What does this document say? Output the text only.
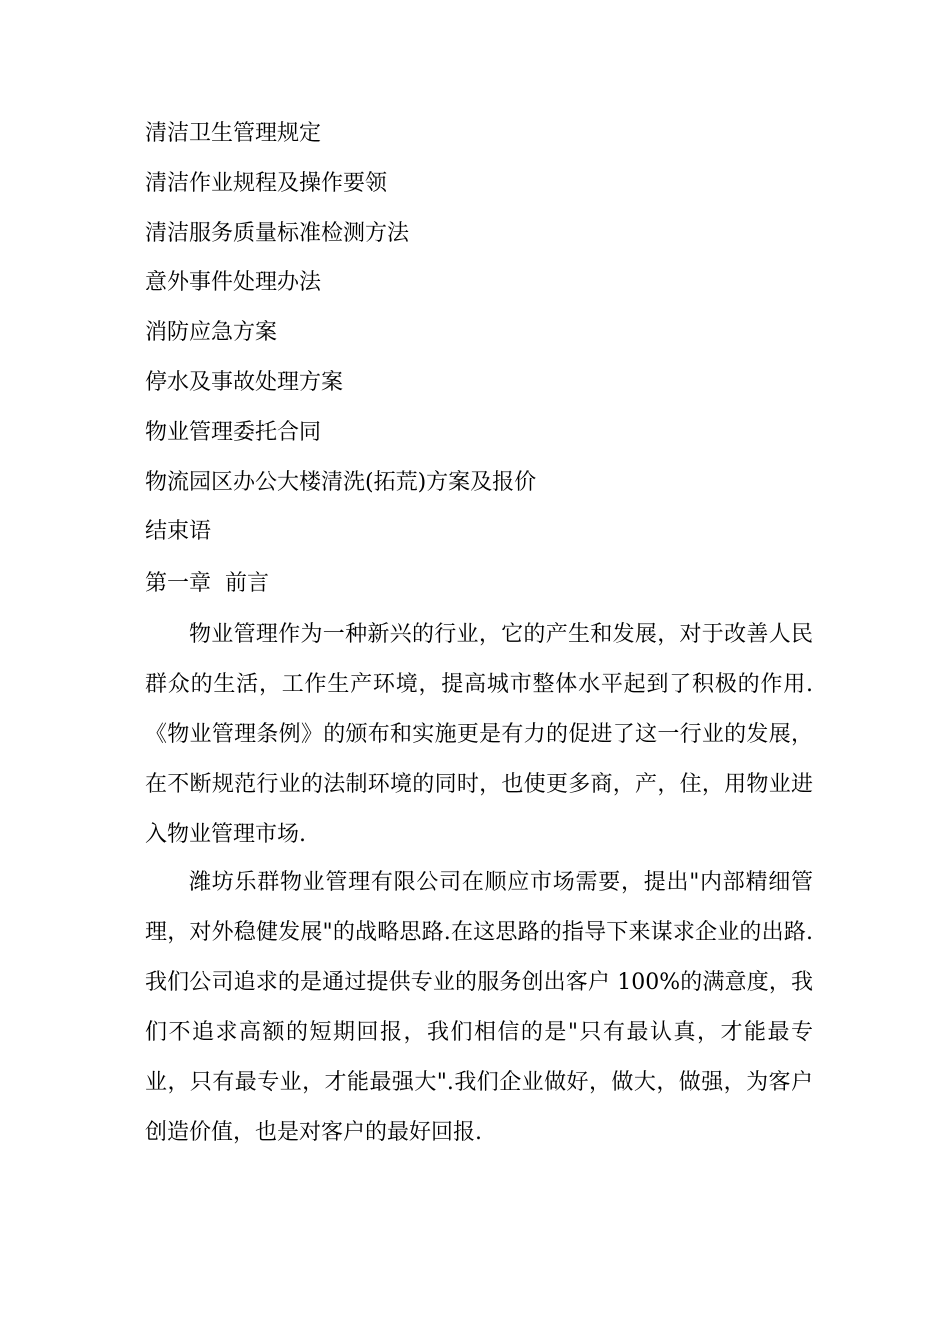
清洁卫生管理规定
清洁作业规程及操作要领
清洁服务质量标准检测方法
意外事件处理办法
消防应急方案
停水及事故处理方案
物业管理委托合同
物流园区办公大楼清洗(拓荒)方案及报价
结束语
第一章 前言

物业管理作为一种新兴的行业，它的产生和发展，对于改善人民群众的生活，工作生产环境，提高城市整体水平起到了积极的作用.《物业管理条例》的颁布和实施更是有力的促进了这一行业的发展，在不断规范行业的法制环境的同时，也使更多商，产，住，用物业进入物业管理市场.

潍坊乐群物业管理有限公司在顺应市场需要，提出"内部精细管理，对外稳健发展"的战略思路.在这思路的指导下来谋求企业的出路.我们公司追求的是通过提供专业的服务创出客户 100%的满意度，我们不追求高额的短期回报，我们相信的是"只有最认真，才能最专业，只有最专业，才能最强大".我们企业做好，做大，做强，为客户创造价值，也是对客户的最好回报.
